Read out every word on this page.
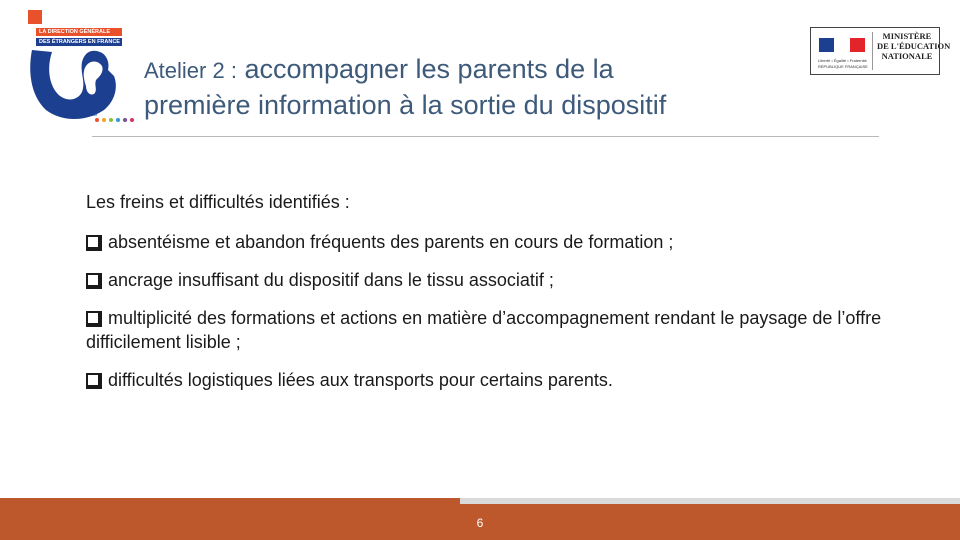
LA DIRECTION GÉNÉRALE
DES ÉTRANGERS EN FRANCE
Ministère de l'Intérieur
Atelier 2 : accompagner les parents de la
première information à la sortie du dispositif
Liberté • Égalité • Fraternité
RÉPUBLIQUE FRANÇAISE
MINISTÈRE
DE L'ÉDUCATION
NATIONALE

Les freins et difficultés identifiés :

absentéisme et abandon fréquents des parents en cours de formation ;

ancrage insuffisant du dispositif dans le tissu associatif ;

multiplicité des formations et actions en matière d’accompagnement rendant le paysage de l’offre difficilement lisible ;

difficultés logistiques liées aux transports pour certains parents.

6
